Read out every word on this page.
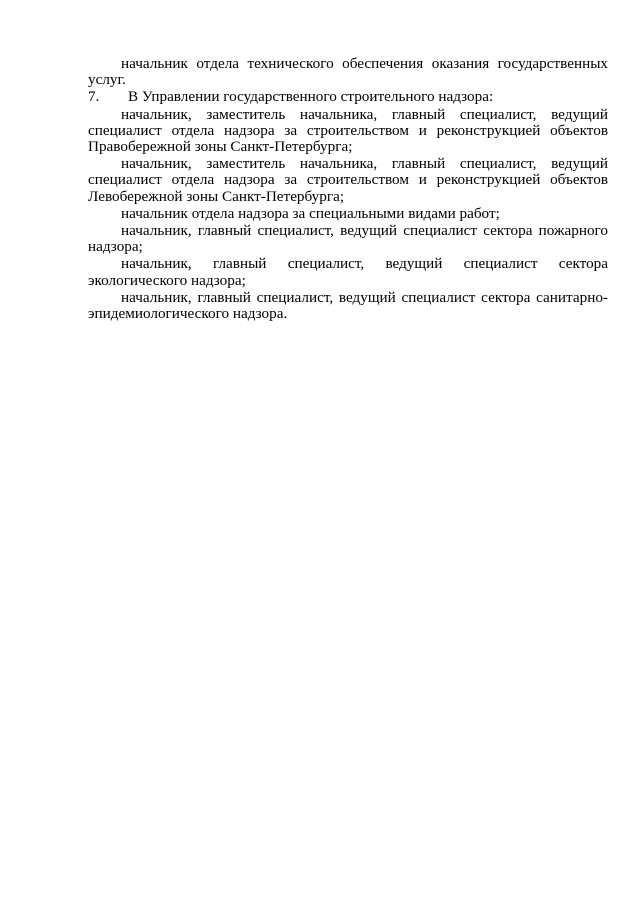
начальник отдела технического обеспечения оказания государственных услуг.

7. В Управлении государственного строительного надзора:

начальник, заместитель начальника, главный специалист, ведущий специалист отдела надзора за строительством и реконструкцией объектов Правобережной зоны Санкт-Петербурга;

начальник, заместитель начальника, главный специалист, ведущий специалист отдела надзора за строительством и реконструкцией объектов Левобережной зоны Санкт-Петербурга;

начальник отдела надзора за специальными видами работ;

начальник, главный специалист, ведущий специалист сектора пожарного надзора;

начальник, главный специалист, ведущий специалист сектора экологического надзора;

начальник, главный специалист, ведущий специалист сектора санитарно-эпидемиологического надзора.
